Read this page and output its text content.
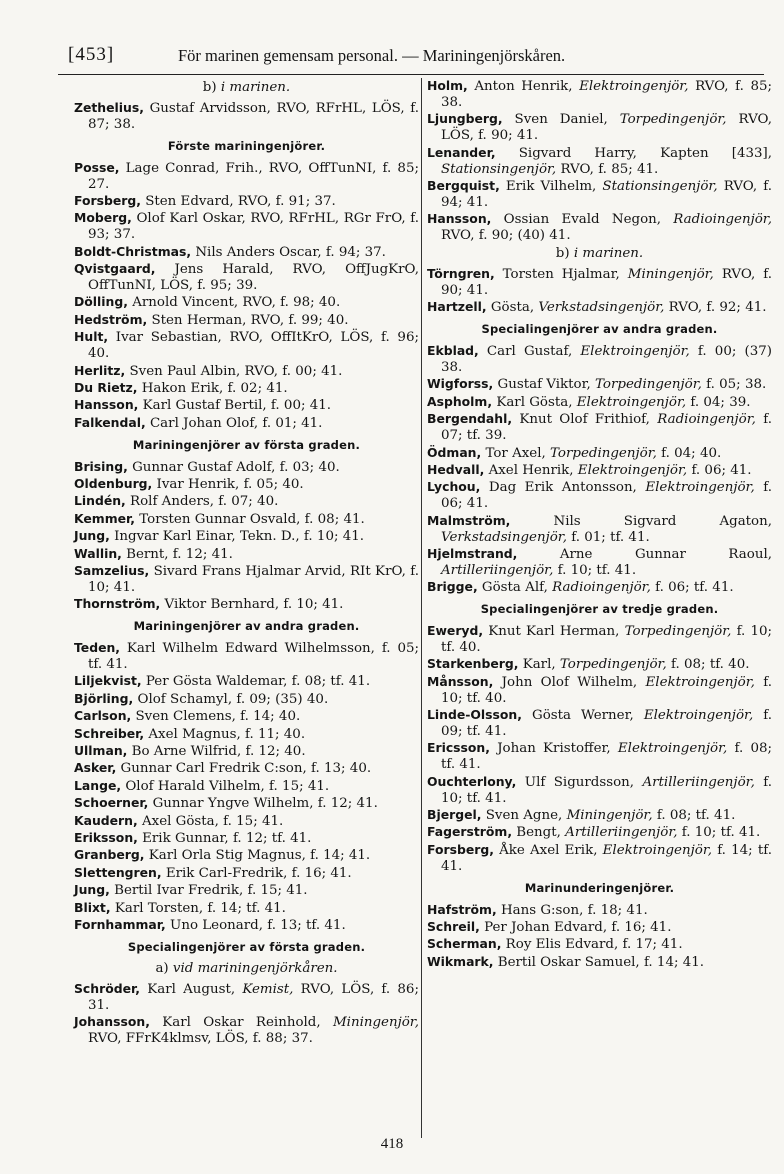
[453]	För marinen gemensam personal. — Mariningenjörskåren.
b) i marinen.
Zethelius, Gustaf Arvidsson, RVO, RFrHL, LÖS, f. 87; 38.
Förste mariningenjörer.
Posse, Lage Conrad, Frih., RVO, OffTunNI, f. 85; 27.
Forsberg, Sten Edvard, RVO, f. 91; 37.
Moberg, Olof Karl Oskar, RVO, RFrHL, RGr FrO, f. 93; 37.
Boldt-Christmas, Nils Anders Oscar, f. 94; 37.
Qvistgaard, Jens Harald, RVO, OffJugKrO, OffTunNI, LÖS, f. 95; 39.
Dölling, Arnold Vincent, RVO, f. 98; 40.
Hedström, Sten Herman, RVO, f. 99; 40.
Hult, Ivar Sebastian, RVO, OffItKrO, LÖS, f. 96; 40.
Herlitz, Sven Paul Albin, RVO, f. 00; 41.
Du Rietz, Hakon Erik, f. 02; 41.
Hansson, Karl Gustaf Bertil, f. 00; 41.
Falkendal, Carl Johan Olof, f. 01; 41.
Mariningenjörer av första graden.
Brising, Gunnar Gustaf Adolf, f. 03; 40.
Oldenburg, Ivar Henrik, f. 05; 40.
Lindén, Rolf Anders, f. 07; 40.
Kemmer, Torsten Gunnar Osvald, f. 08; 41.
Jung, Ingvar Karl Einar, Tekn. D., f. 10; 41.
Wallin, Bernt, f. 12; 41.
Samzelius, Sivard Frans Hjalmar Arvid, RIt KrO, f. 10; 41.
Thornström, Viktor Bernhard, f. 10; 41.
Mariningenjörer av andra graden.
Teden, Karl Wilhelm Edward Wilhelmsson, f. 05; tf. 41.
Liljekvist, Per Gösta Waldemar, f. 08; tf. 41.
Björling, Olof Schamyl, f. 09; (35) 40.
Carlson, Sven Clemens, f. 14; 40.
Schreiber, Axel Magnus, f. 11; 40.
Ullman, Bo Arne Wilfrid, f. 12; 40.
Asker, Gunnar Carl Fredrik C:son, f. 13; 40.
Lange, Olof Harald Vilhelm, f. 15; 41.
Schoerner, Gunnar Yngve Wilhelm, f. 12; 41.
Kaudern, Axel Gösta, f. 15; 41.
Eriksson, Erik Gunnar, f. 12; tf. 41.
Granberg, Karl Orla Stig Magnus, f. 14; 41.
Slettengren, Erik Carl-Fredrik, f. 16; 41.
Jung, Bertil Ivar Fredrik, f. 15; 41.
Blixt, Karl Torsten, f. 14; tf. 41.
Fornhammar, Uno Leonard, f. 13; tf. 41.
Specialingenjörer av första graden.
a) vid mariningenjörkåren.
Schröder, Karl August, Kemist, RVO, LÖS, f. 86; 31.
Johansson, Karl Oskar Reinhold, Miningenjör, RVO, FFrK4klmsv, LÖS, f. 88; 37.
Holm, Anton Henrik, Elektroingenjör, RVO, f. 85; 38.
Ljungberg, Sven Daniel, Torpedingenjör, RVO, LÖS, f. 90; 41.
Lenander, Sigvard Harry, Kapten [433], Stationsingenjör, RVO, f. 85; 41.
Bergquist, Erik Vilhelm, Stationsingenjör, RVO, f. 94; 41.
Hansson, Ossian Evald Negon, Radioingenjör, RVO, f. 90; (40) 41.
b) i marinen.
Törngren, Torsten Hjalmar, Miningenjör, RVO, f. 90; 41.
Hartzell, Gösta, Verkstadsingenjör, RVO, f. 92; 41.
Specialingenjörer av andra graden.
Ekblad, Carl Gustaf, Elektroingenjör, f. 00; (37) 38.
Wigforss, Gustaf Viktor, Torpedingenjör, f. 05; 38.
Aspholm, Karl Gösta, Elektroingenjör, f. 04; 39.
Bergendahl, Knut Olof Frithiof, Radioingenjör, f. 07; tf. 39.
Ödman, Tor Axel, Torpedingenjör, f. 04; 40.
Hedvall, Axel Henrik, Elektroingenjör, f. 06; 41.
Lychou, Dag Erik Antonsson, Elektroingenjör, f. 06; 41.
Malmström,	Nils Sigvard Agaton, Verkstadsingenjör, f. 01; tf. 41.
Hjelmstrand,	Arne Gunnar Raoul, Artilleriingenjör, f. 10; tf. 41.
Brigge, Gösta Alf, Radioingenjör, f. 06; tf. 41.
Specialingenjörer av tredje graden.
Eweryd, Knut Karl Herman, Torpedingenjör, f. 10; tf. 40.
Starkenberg, Karl, Torpedingenjör, f. 08; tf. 40.
Månsson, John Olof Wilhelm, Elektroingenjör, f. 10; tf. 40.
Linde-Olsson, Gösta Werner, Elektroingenjör, f. 09; tf. 41.
Ericsson, Johan Kristoffer, Elektroingenjör, f. 08; tf. 41.
Ouchterlony, Ulf Sigurdsson, Artilleriingenjör, f. 10; tf. 41.
Bjergel, Sven Agne, Miningenjör, f. 08; tf. 41.
Fagerström, Bengt, Artilleriingenjör, f. 10; tf. 41.
Forsberg, Åke Axel Erik, Elektroingenjör, f. 14; tf. 41.
Marinunderingenjörer.
Hafström, Hans G:son, f. 18; 41.
Schreil, Per Johan Edvard, f. 16; 41.
Scherman, Roy Elis Edvard, f. 17; 41.
Wikmark, Bertil Oskar Samuel, f. 14; 41.
418
